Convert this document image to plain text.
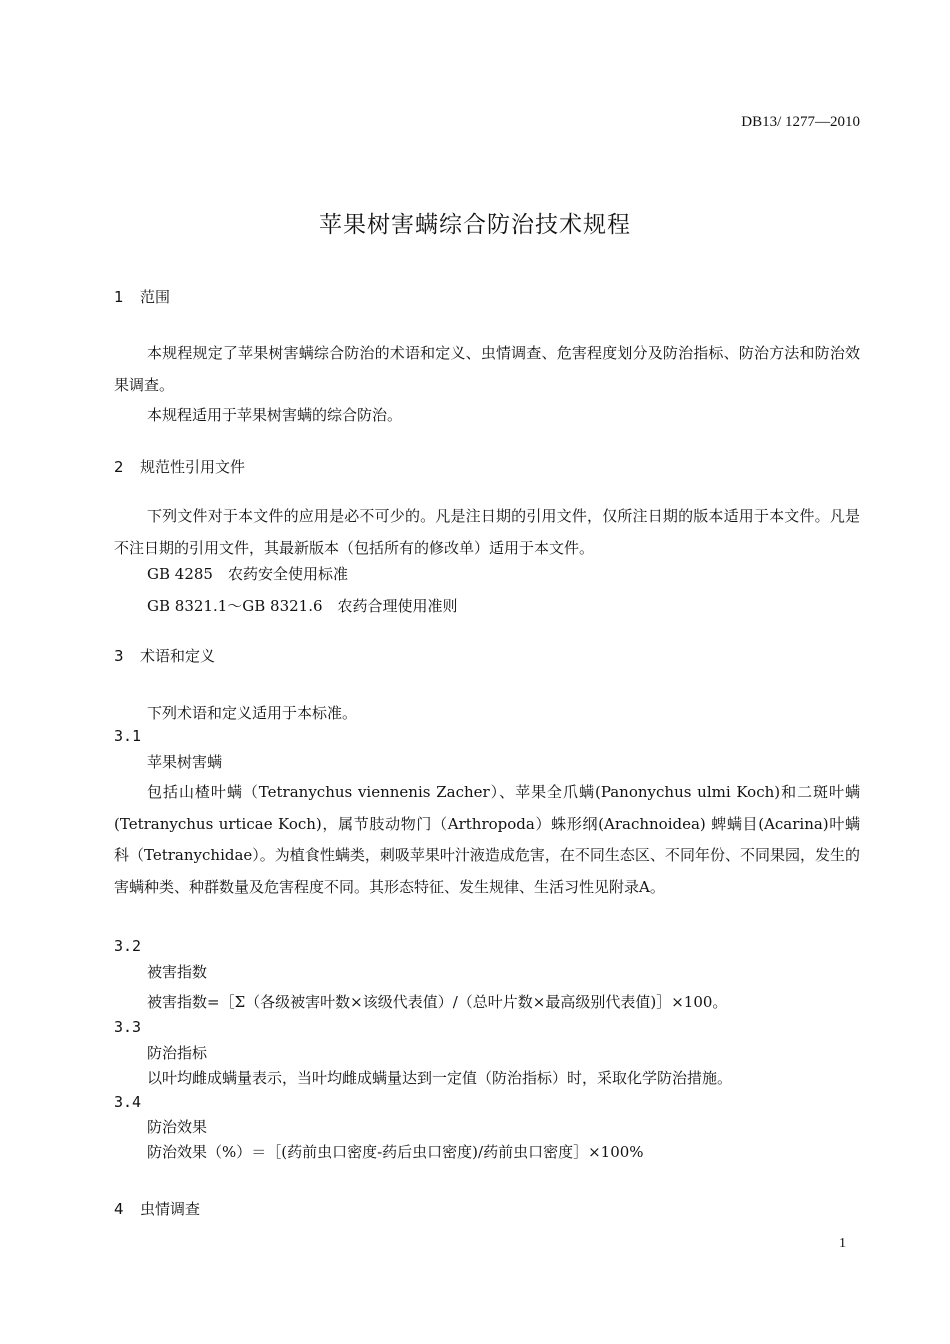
DB13/ 1277—2010
苹果树害螨综合防治技术规程
1 范围
本规程规定了苹果树害螨综合防治的术语和定义、虫情调查、危害程度划分及防治指标、防治方法和防治效果调查。
本规程适用于苹果树害螨的综合防治。
2 规范性引用文件
下列文件对于本文件的应用是必不可少的。凡是注日期的引用文件，仅所注日期的版本适用于本文件。凡是不注日期的引用文件，其最新版本（包括所有的修改单）适用于本文件。
GB 4285　农药安全使用标准
GB 8321.1～GB 8321.6　农药合理使用准则
3 术语和定义
下列术语和定义适用于本标准。
3.1
苹果树害螨
包括山楂叶螨（Tetranychus viennenis Zacher）、苹果全爪螨(Panonychus ulmi Koch)和二斑叶螨(Tetranychus urticae Koch)，属节肢动物门（Arthropoda）蛛形纲(Arachnoidea) 蜱螨目(Acarina)叶螨科（Tetranychidae）。为植食性螨类，刺吸苹果叶汁液造成危害，在不同生态区、不同年份、不同果园，发生的害螨种类、种群数量及危害程度不同。其形态特征、发生规律、生活习性见附录A。
3.2
被害指数
被害指数=［Σ（各级被害叶数×该级代表值）/（总叶片数×最高级别代表值)］×100。
3.3
防治指标
以叶均雌成螨量表示，当叶均雌成螨量达到一定值（防治指标）时，采取化学防治措施。
3.4
防治效果
防治效果（%）＝［(药前虫口密度-药后虫口密度)/药前虫口密度］×100%
4 虫情调查
1
